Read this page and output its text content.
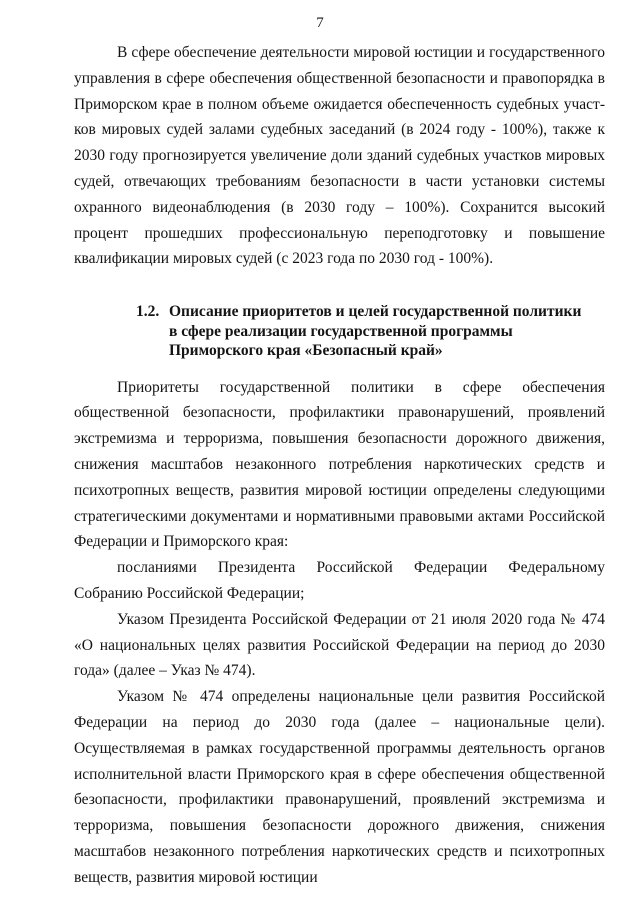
7

В сфере обеспечение деятельности мировой юстиции и государственного управления в сфере обеспечения общественной безопасности и правопорядка в Приморском крае в полном объеме ожидается обеспеченность судебных участков мировых судей залами судебных заседаний (в 2024 году - 100%), также к 2030 году прогнозируется увеличение доли зданий судебных участков мировых судей, отвечающих требованиям безопасности в части установки системы охранного видеонаблюдения (в 2030 году – 100%). Сохранится высокий процент прошедших профессиональную переподготовку и повышение квалификации мировых судей (с 2023 года по 2030 год - 100%).

1.2. Описание приоритетов и целей государственной политики в сфере реализации государственной программы Приморского края «Безопасный край»

Приоритеты государственной политики в сфере обеспечения общественной безопасности, профилактики правонарушений, проявлений экстремизма и терроризма, повышения безопасности дорожного движения, снижения масштабов незаконного потребления наркотических средств и психотропных веществ, развития мировой юстиции определены следующими стратегическими документами и нормативными правовыми актами Российской Федерации и Приморского края:

посланиями Президента Российской Федерации Федеральному Собранию Российской Федерации;

Указом Президента Российской Федерации от 21 июля 2020 года № 474 «О национальных целях развития Российской Федерации на период до 2030 года» (далее – Указ № 474).

Указом № 474 определены национальные цели развития Российской Федерации на период до 2030 года (далее – национальные цели). Осуществляемая в рамках государственной программы деятельность органов исполнительной власти Приморского края в сфере обеспечения общественной безопасности, профилактики правонарушений, проявлений экстремизма и терроризма, повышения безопасности дорожного движения, снижения масштабов незаконного потребления наркотических средств и психотропных веществ, развития мировой юстиции
